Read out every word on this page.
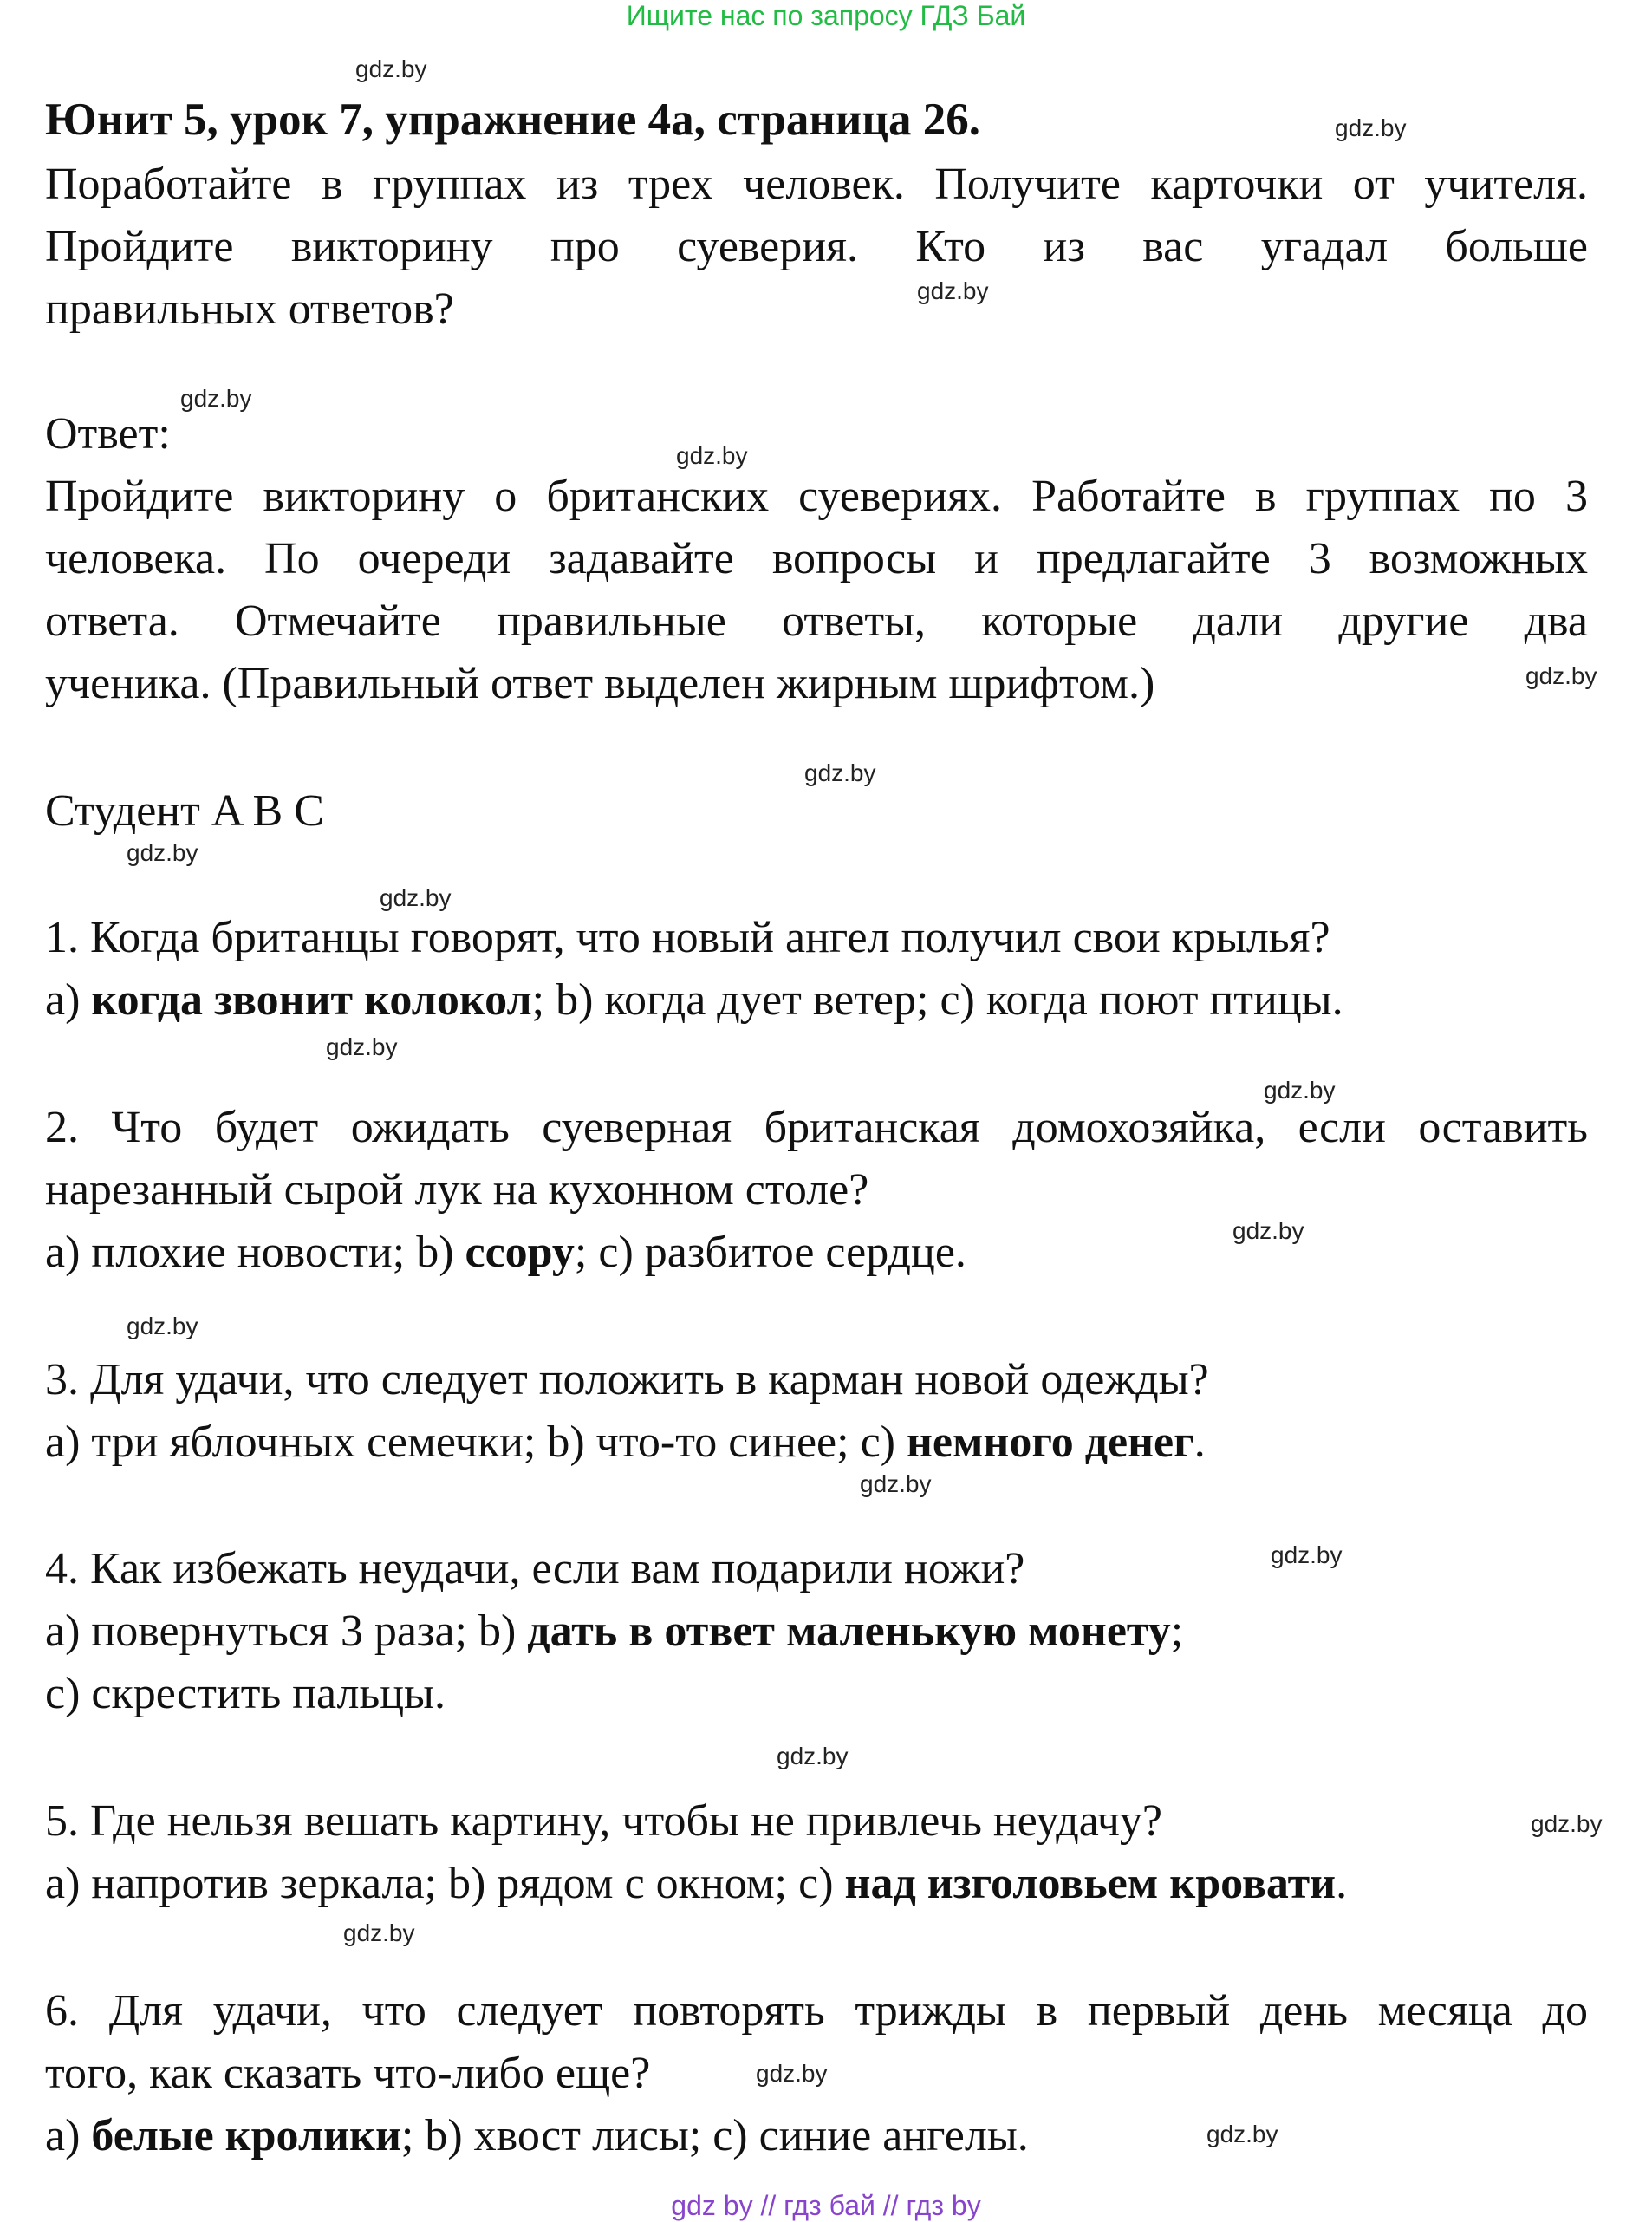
Ищите нас по запросу ГДЗ Бай
Юнит 5, урок 7, упражнение 4a, страница 26.
Поработайте в группах из трех человек. Получите карточки от учителя.
Пройдите викторину про суеверия. Кто из вас угадал больше
правильных ответов?
Ответ:
Пройдите викторину о британских суевериях. Работайте в группах по 3
человека. По очереди задавайте вопросы и предлагайте 3 возможных
ответа. Отмечайте правильные ответы, которые дали другие два
ученика. (Правильный ответ выделен жирным шрифтом.)
Студент A B C
1. Когда британцы говорят, что новый ангел получил свои крылья?
a) когда звонит колокол; b) когда дует ветер; c) когда поют птицы.
2. Что будет ожидать суеверная британская домохозяйка, если оставить
нарезанный сырой лук на кухонном столе?
a) плохие новости; b) ссору; c) разбитое сердце.
3. Для удачи, что следует положить в карман новой одежды?
a) три яблочных семечки; b) что-то синее; c) немного денег.
4. Как избежать неудачи, если вам подарили ножи?
a) повернуться 3 раза; b) дать в ответ маленькую монету;
c) скрестить пальцы.
5. Где нельзя вешать картину, чтобы не привлечь неудачу?
a) напротив зеркала; b) рядом с окном; c) над изголовьем кровати.
6. Для удачи, что следует повторять трижды в первый день месяца до
того, как сказать что-либо еще?
a) белые кролики; b) хвост лисы; c) синие ангелы.
gdz.by
gdz.by
gdz.by
gdz.by
gdz.by
gdz.by
gdz.by
gdz.by
gdz.by
gdz.by
gdz.by
gdz.by
gdz.by
gdz.by
gdz.by
gdz.by
gdz.by
gdz.by
gdz.by
gdz.by
gdz by // гдз бай // гдз by
